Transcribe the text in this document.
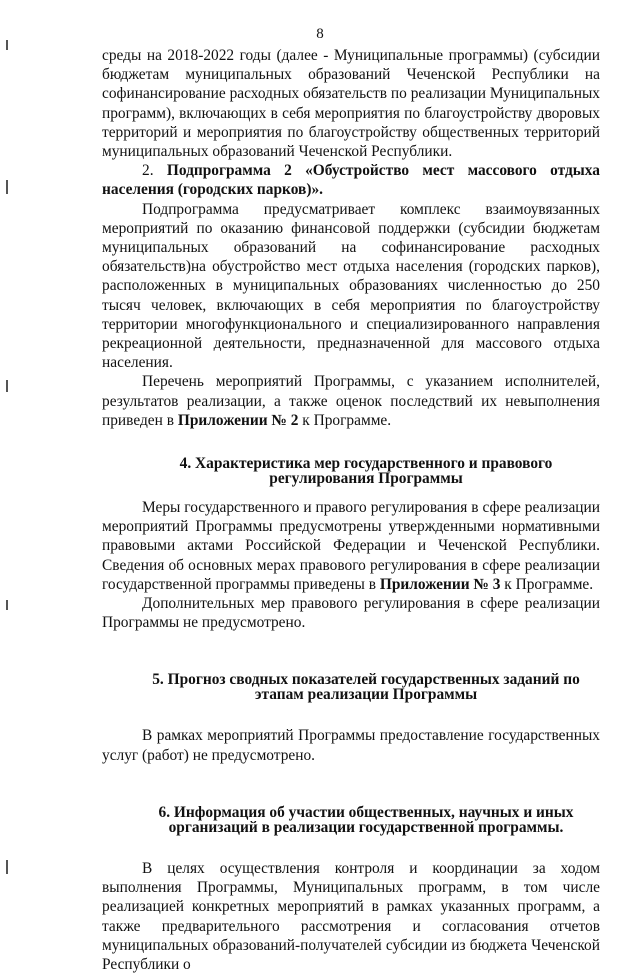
8

среды на 2018-2022 годы (далее - Муниципальные программы) (субсидии бюджетам муниципальных образований Чеченской Республики на софинансирование расходных обязательств по реализации Муниципальных программ), включающих в себя мероприятия по благоустройству дворовых территорий и мероприятия по благоустройству общественных территорий муниципальных образований Чеченской Республики.

2. Подпрограмма 2 «Обустройство мест массового отдыха населения (городских парков)».

Подпрограмма предусматривает комплекс взаимоувязанных мероприятий по оказанию финансовой поддержки (субсидии бюджетам муниципальных образований на софинансирование расходных обязательств)на обустройство мест отдыха населения (городских парков), расположенных в муниципальных образованиях численностью до 250 тысяч человек, включающих в себя мероприятия по благоустройству территории многофункционального и специализированного направления рекреационной деятельности, предназначенной для массового отдыха населения.

Перечень мероприятий Программы, с указанием исполнителей, результатов реализации, а также оценок последствий их невыполнения приведен в Приложении № 2 к Программе.

4. Характеристика мер государственного и правового
регулирования Программы

Меры государственного и правого регулирования в сфере реализации мероприятий Программы предусмотрены утвержденными нормативными правовыми актами Российской Федерации и Чеченской Республики. Сведения об основных мерах правового регулирования в сфере реализации государственной программы приведены в Приложении № 3 к Программе.

Дополнительных мер правового регулирования в сфере реализации Программы не предусмотрено.

5. Прогноз сводных показателей государственных заданий по
этапам реализации Программы

В рамках мероприятий Программы предоставление государственных услуг (работ) не предусмотрено.

6. Информация об участии общественных, научных и иных
организаций в реализации государственной программы.

В целях осуществления контроля и координации за ходом выполнения Программы, Муниципальных программ, в том числе реализацией конкретных мероприятий в рамках указанных программ, а также предварительного рассмотрения и согласования отчетов муниципальных образований-получателей субсидии из бюджета Чеченской Республики о
